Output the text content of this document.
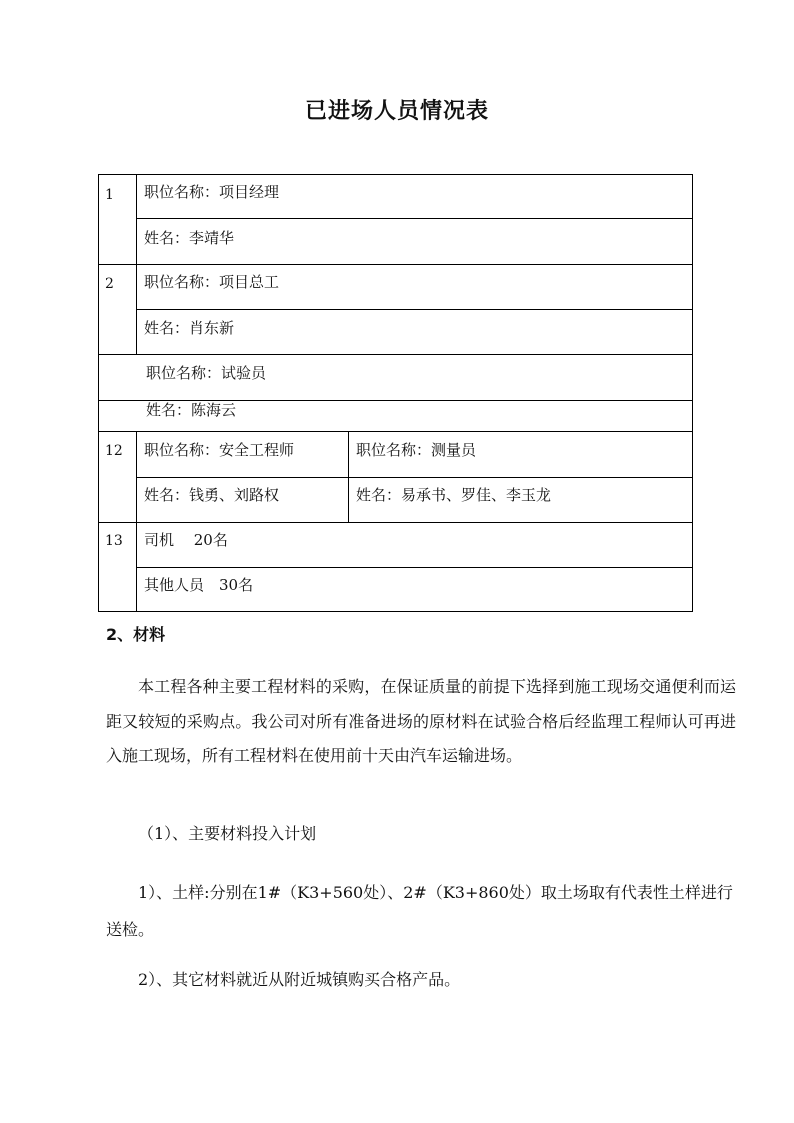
已进场人员情况表
1 职位名称：项目经理
姓名：李靖华
2 职位名称：项目总工
姓名：肖东新
职位名称：试验员
姓名：陈海云
12 职位名称：安全工程师	职位名称：测量员
姓名：钱勇、刘路权	姓名：易承书、罗佳、李玉龙
13 司机　 20名
其他人员　30名
2、材料
本工程各种主要工程材料的采购，在保证质量的前提下选择到施工现场交通便利而运距又较短的采购点。我公司对所有准备进场的原材料在试验合格后经监理工程师认可再进入施工现场，所有工程材料在使用前十天由汽车运输进场。
（1）、主要材料投入计划
1）、土样:分别在1#（K3+560处）、2#（K3+860处）取土场取有代表性土样进行送检。
2）、其它材料就近从附近城镇购买合格产品。
